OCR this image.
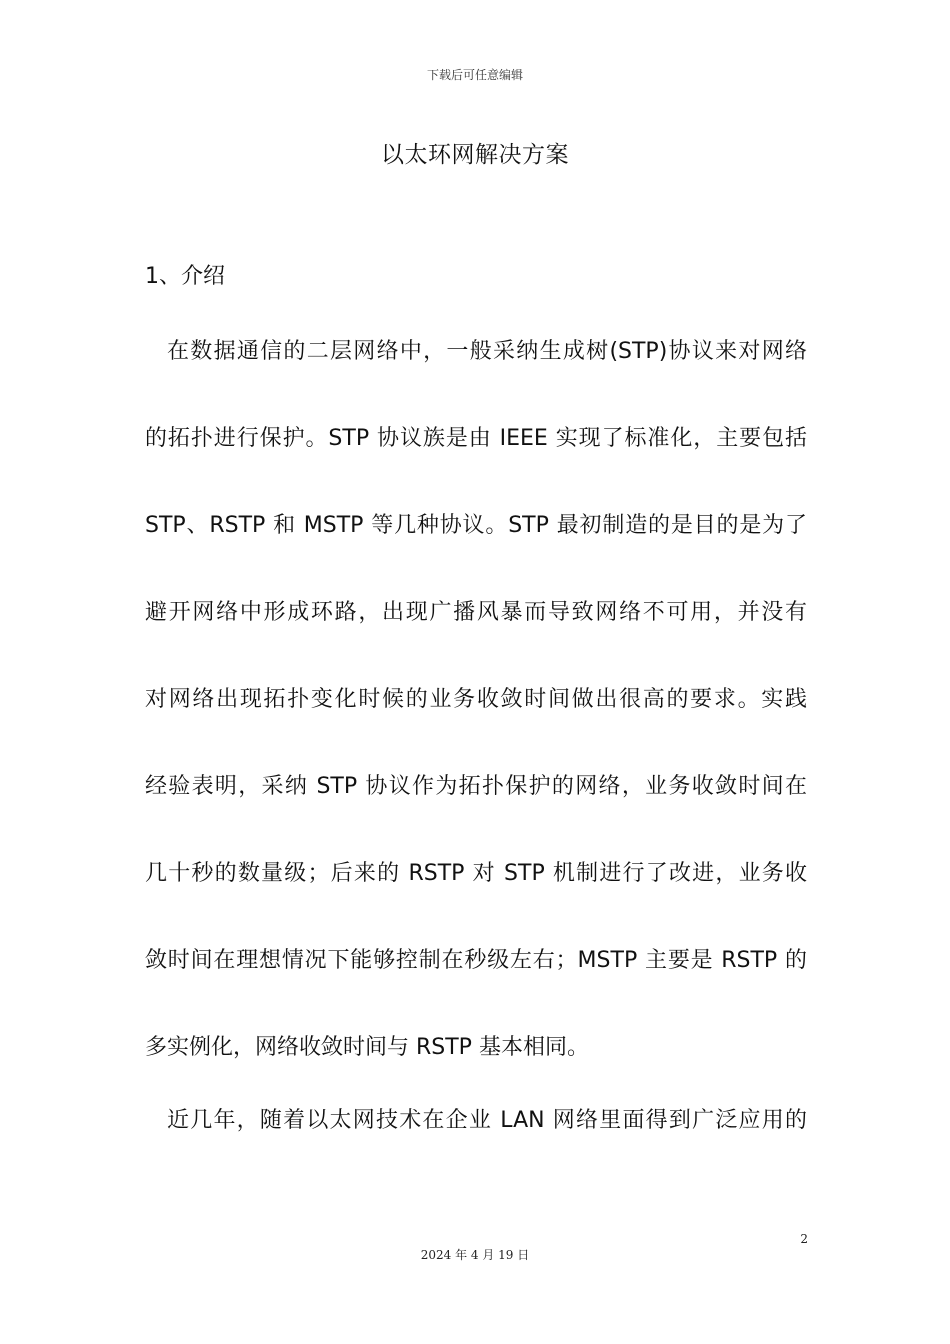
下载后可任意编辑
以太环网解决方案
1、介绍
在数据通信的二层网络中，一般采纳生成树(STP)协议来对网络
的拓扑进行保护。STP 协议族是由 IEEE 实现了标准化，主要包括
STP、RSTP 和 MSTP 等几种协议。STP 最初制造的是目的是为了
避开网络中形成环路，出现广播风暴而导致网络不可用，并没有
对网络出现拓扑变化时候的业务收敛时间做出很高的要求。实践
经验表明，采纳 STP 协议作为拓扑保护的网络，业务收敛时间在
几十秒的数量级；后来的 RSTP 对 STP 机制进行了改进，业务收
敛时间在理想情况下能够控制在秒级左右；MSTP 主要是 RSTP 的
多实例化，网络收敛时间与 RSTP 基本相同。
近几年，随着以太网技术在企业 LAN 网络里面得到广泛应用的
2
2024 年 4 月 19 日
